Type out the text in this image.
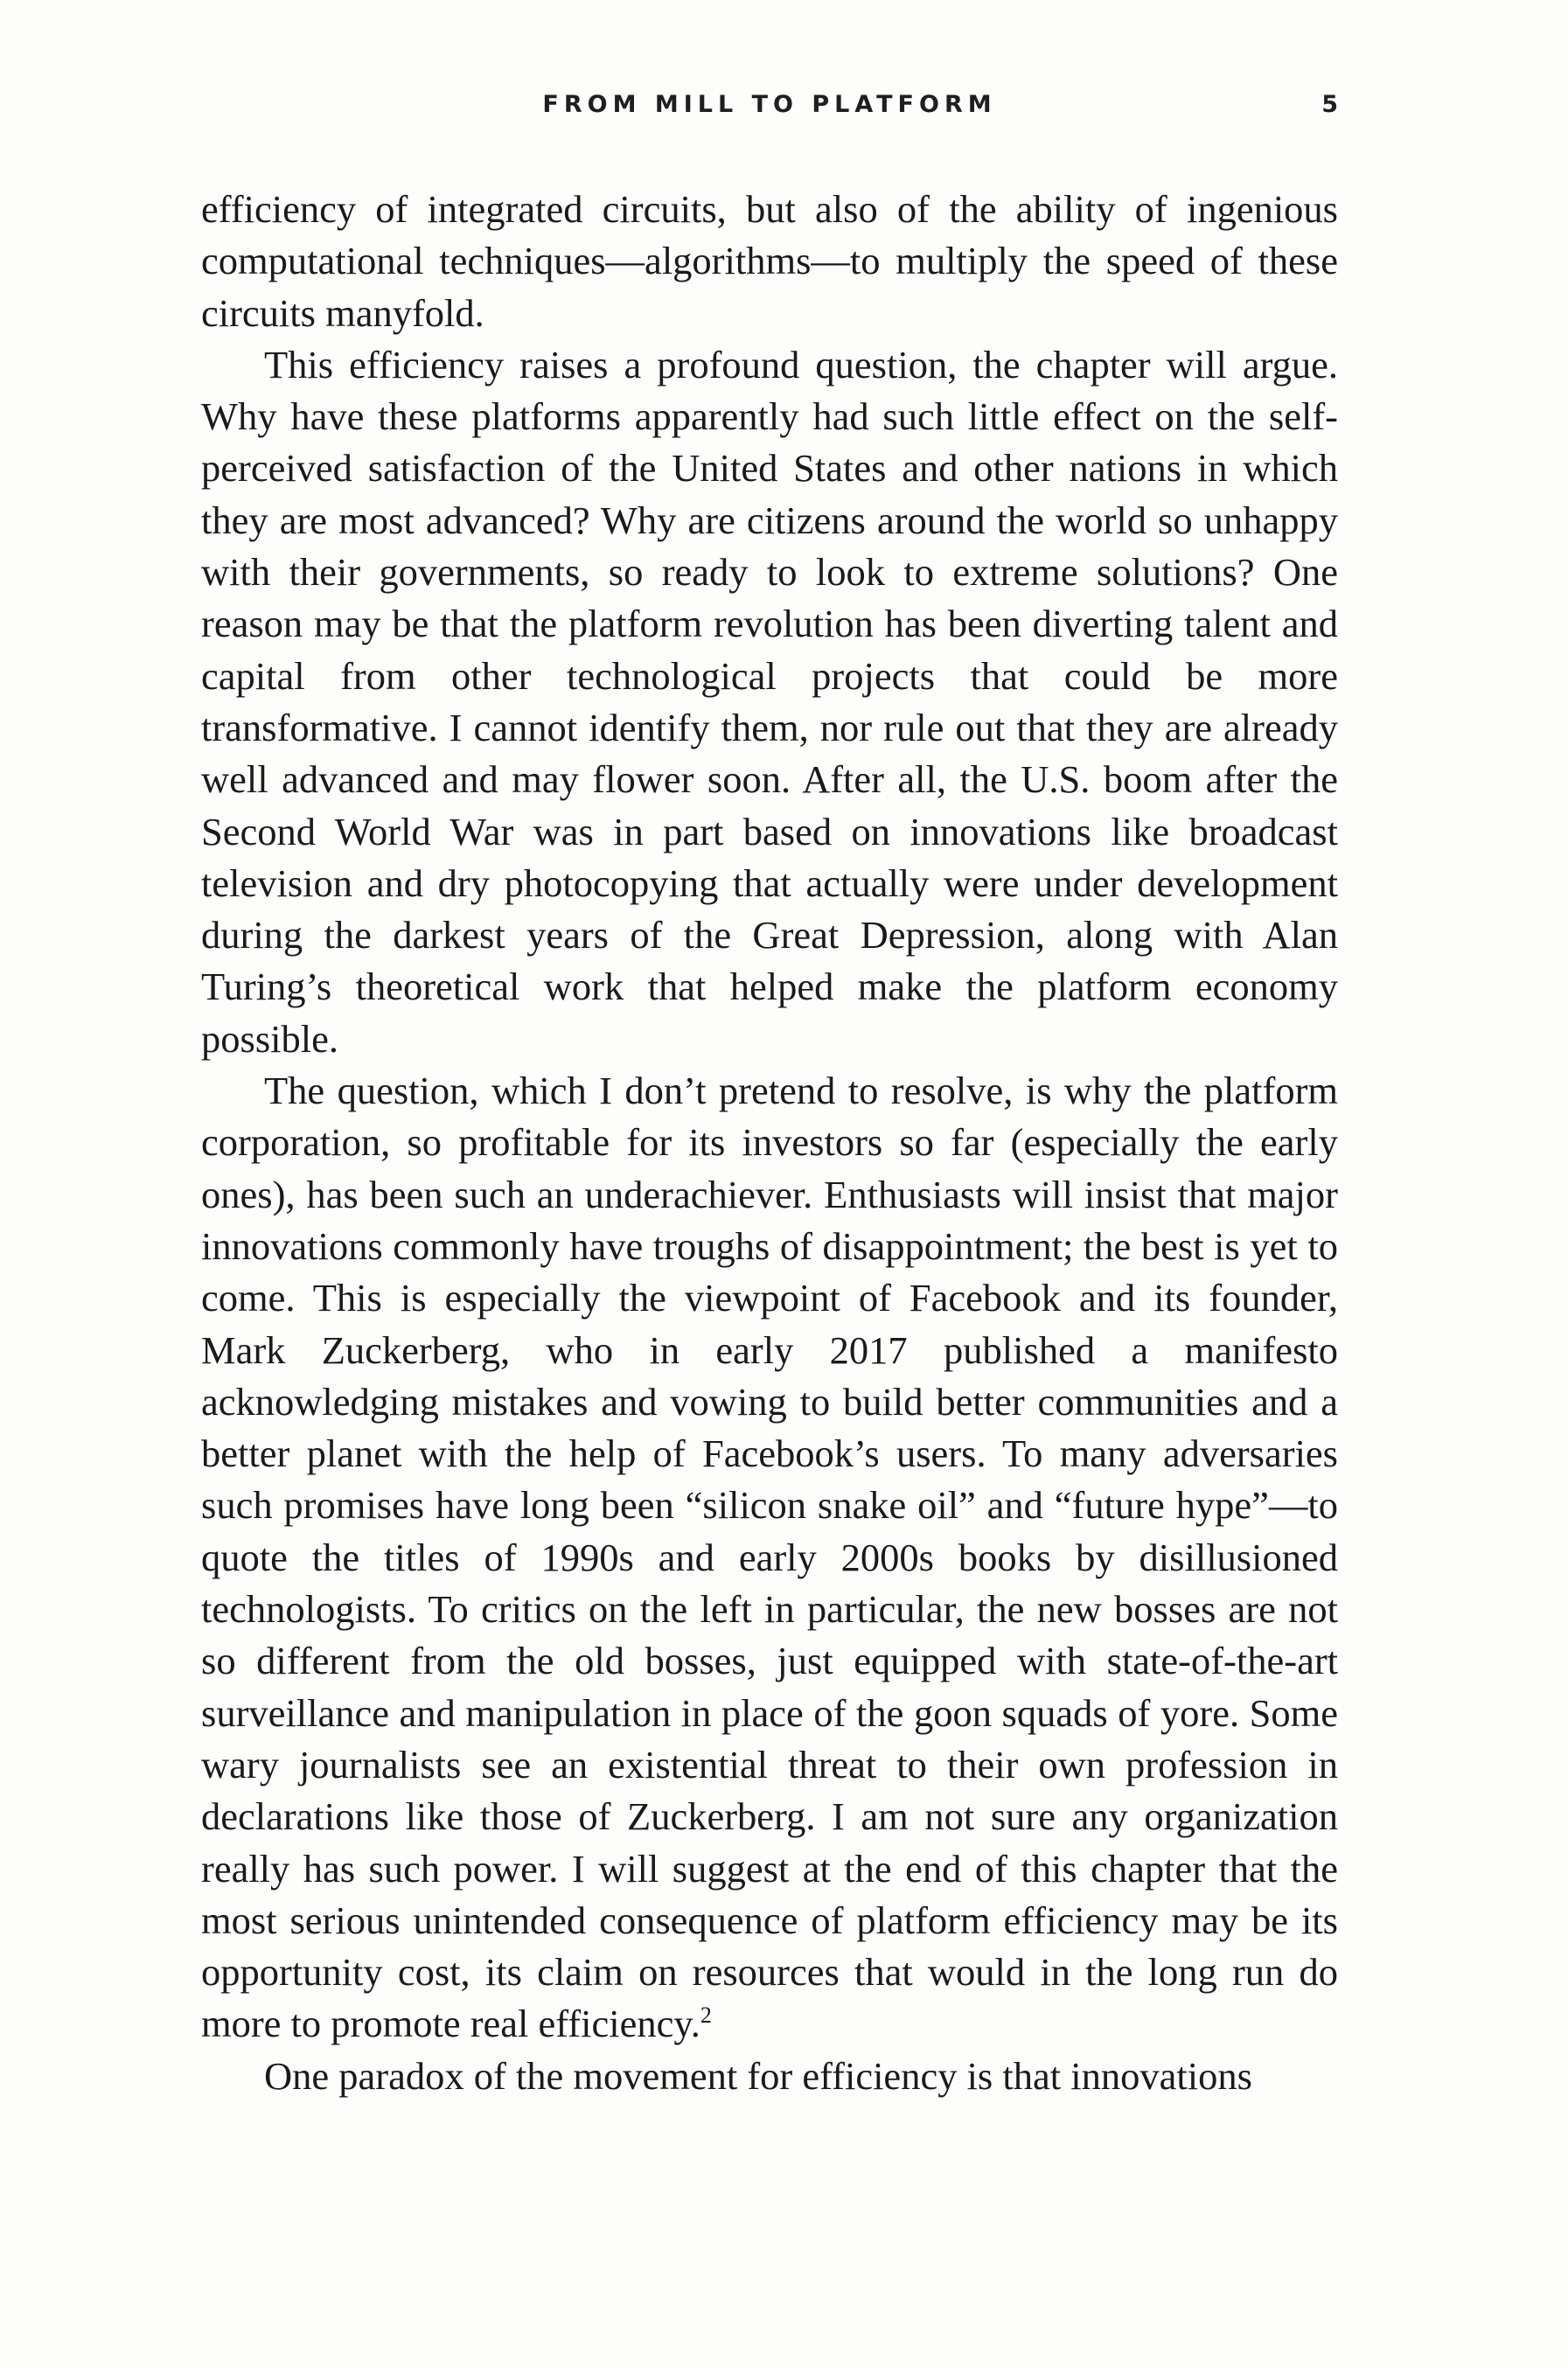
FROM MILL TO PLATFORM	5

efficiency of integrated circuits, but also of the ability of ingenious computational techniques—algorithms—to multiply the speed of these circuits manyfold.

This efficiency raises a profound question, the chapter will argue. Why have these platforms apparently had such little effect on the self-perceived satisfaction of the United States and other nations in which they are most advanced? Why are citizens around the world so unhappy with their governments, so ready to look to extreme solutions? One reason may be that the platform revolution has been diverting talent and capital from other technological projects that could be more transformative. I cannot identify them, nor rule out that they are already well advanced and may flower soon. After all, the U.S. boom after the Second World War was in part based on innovations like broadcast television and dry photocopying that actually were under development during the darkest years of the Great Depression, along with Alan Turing’s theoretical work that helped make the platform economy possible.

The question, which I don’t pretend to resolve, is why the platform corporation, so profitable for its investors so far (especially the early ones), has been such an underachiever. Enthusiasts will insist that major innovations commonly have troughs of disappointment; the best is yet to come. This is especially the viewpoint of Facebook and its founder, Mark Zuckerberg, who in early 2017 published a manifesto acknowledging mistakes and vowing to build better communities and a better planet with the help of Facebook’s users. To many adversaries such promises have long been “silicon snake oil” and “future hype”—to quote the titles of 1990s and early 2000s books by disillusioned technologists. To critics on the left in particular, the new bosses are not so different from the old bosses, just equipped with state-of-the-art surveillance and manipulation in place of the goon squads of yore. Some wary journalists see an existential threat to their own profession in declarations like those of Zuckerberg. I am not sure any organization really has such power. I will suggest at the end of this chapter that the most serious unintended consequence of platform efficiency may be its opportunity cost, its claim on resources that would in the long run do more to promote real efficiency.$^2$

One paradox of the movement for efficiency is that innovations
